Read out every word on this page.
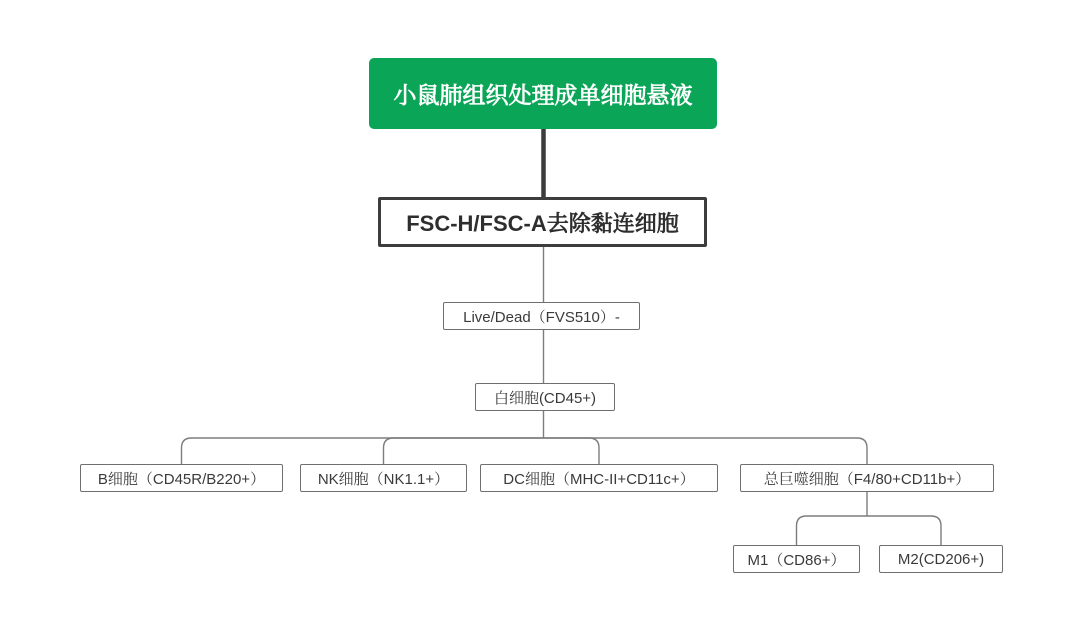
小鼠肺组织处理成单细胞悬液
FSC-H/FSC-A去除黏连细胞
Live/Dead（FVS510）-
白细胞(CD45+)
B细胞（CD45R/B220+）	NK细胞（NK1.1+）	DC细胞（MHC-II+CD11c+）	总巨噬细胞（F4/80+CD11b+）
M1（CD86+）	M2(CD206+)
